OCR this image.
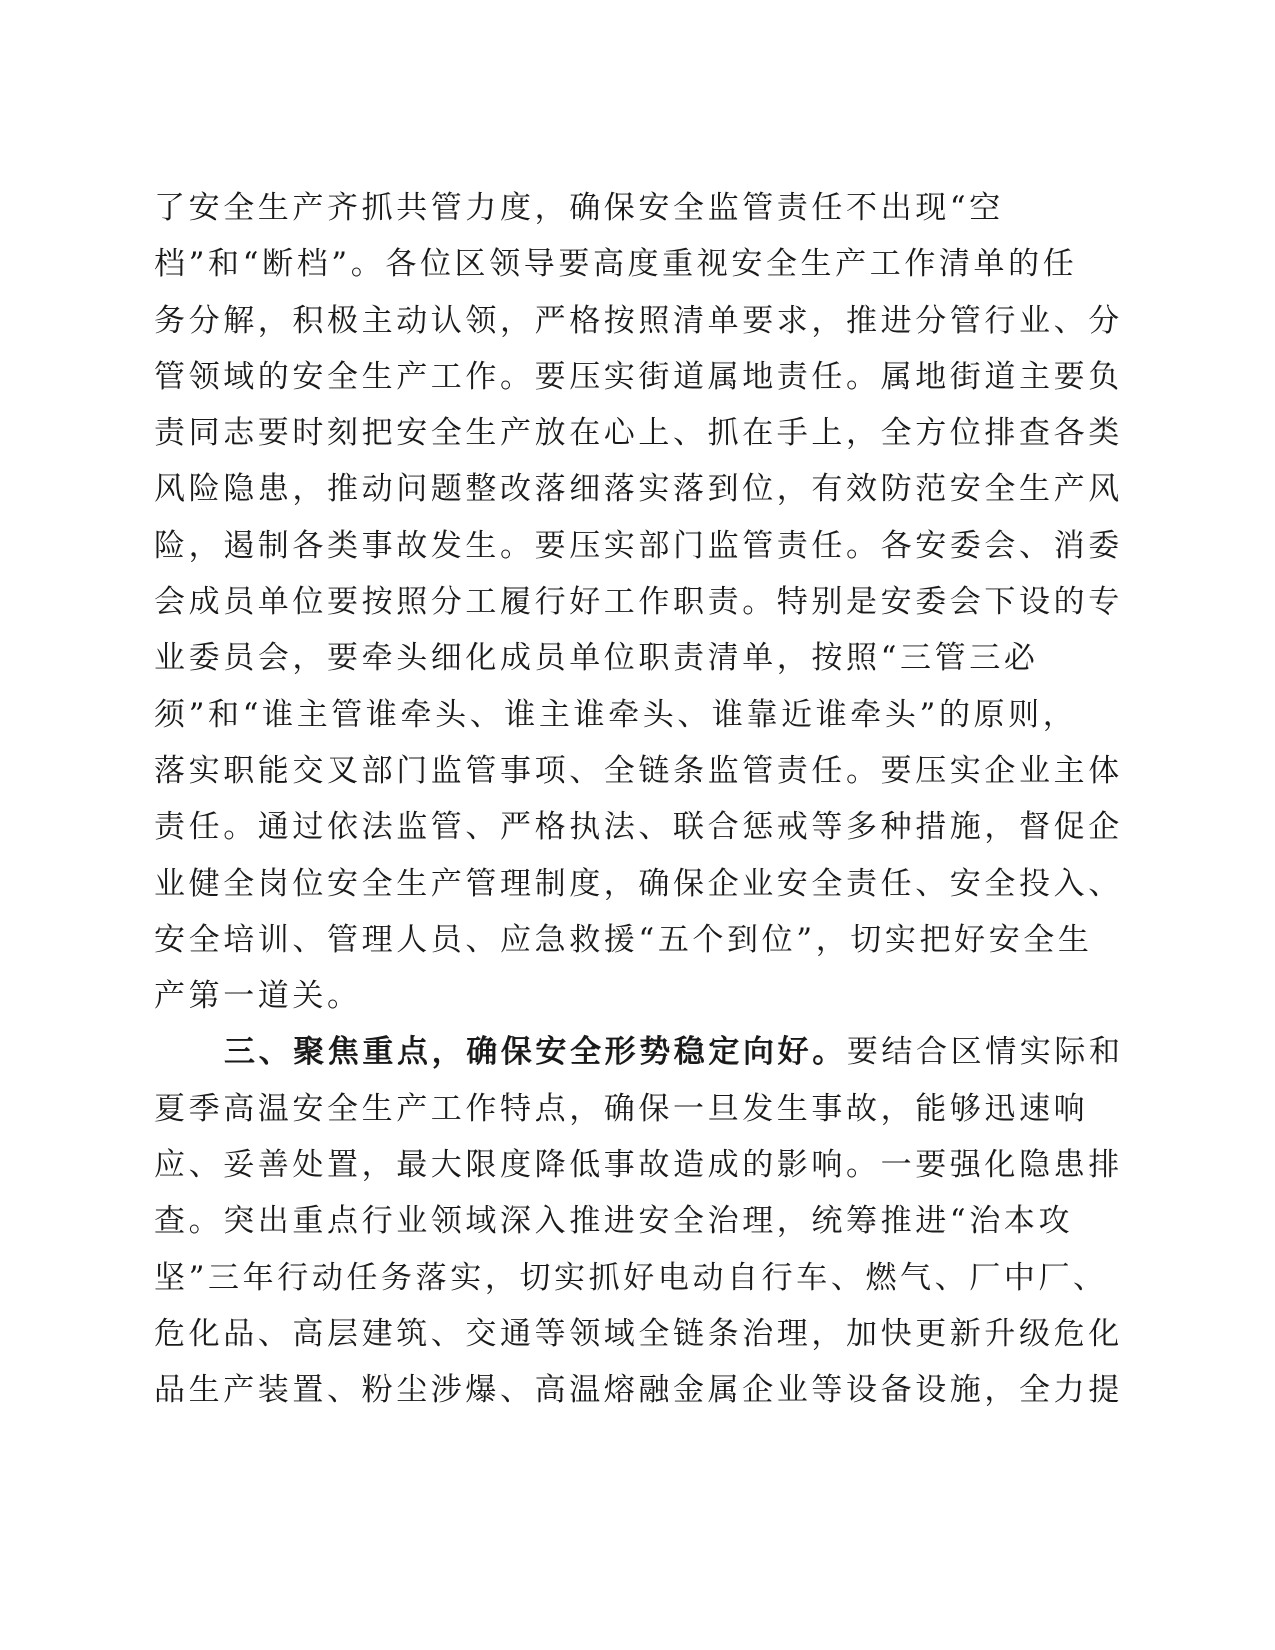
了安全生产齐抓共管力度，确保安全监管责任不出现“空
档”和“断档”。各位区领导要高度重视安全生产工作清单的任
务分解，积极主动认领，严格按照清单要求，推进分管行业、分
管领域的安全生产工作。要压实街道属地责任。属地街道主要负
责同志要时刻把安全生产放在心上、抓在手上，全方位排查各类
风险隐患，推动问题整改落细落实落到位，有效防范安全生产风
险，遏制各类事故发生。要压实部门监管责任。各安委会、消委
会成员单位要按照分工履行好工作职责。特别是安委会下设的专
业委员会，要牵头细化成员单位职责清单，按照“三管三必
须”和“谁主管谁牵头、谁主谁牵头、谁靠近谁牵头”的原则，
落实职能交叉部门监管事项、全链条监管责任。要压实企业主体
责任。通过依法监管、严格执法、联合惩戒等多种措施，督促企
业健全岗位安全生产管理制度，确保企业安全责任、安全投入、
安全培训、管理人员、应急救援“五个到位”，切实把好安全生
产第一道关。
三、聚焦重点，确保安全形势稳定向好。要结合区情实际和
夏季高温安全生产工作特点，确保一旦发生事故，能够迅速响
应、妥善处置，最大限度降低事故造成的影响。一要强化隐患排
查。突出重点行业领域深入推进安全治理，统筹推进“治本攻
坚”三年行动任务落实，切实抓好电动自行车、燃气、厂中厂、
危化品、高层建筑、交通等领域全链条治理，加快更新升级危化
品生产装置、粉尘涉爆、高温熔融金属企业等设备设施，全力提
